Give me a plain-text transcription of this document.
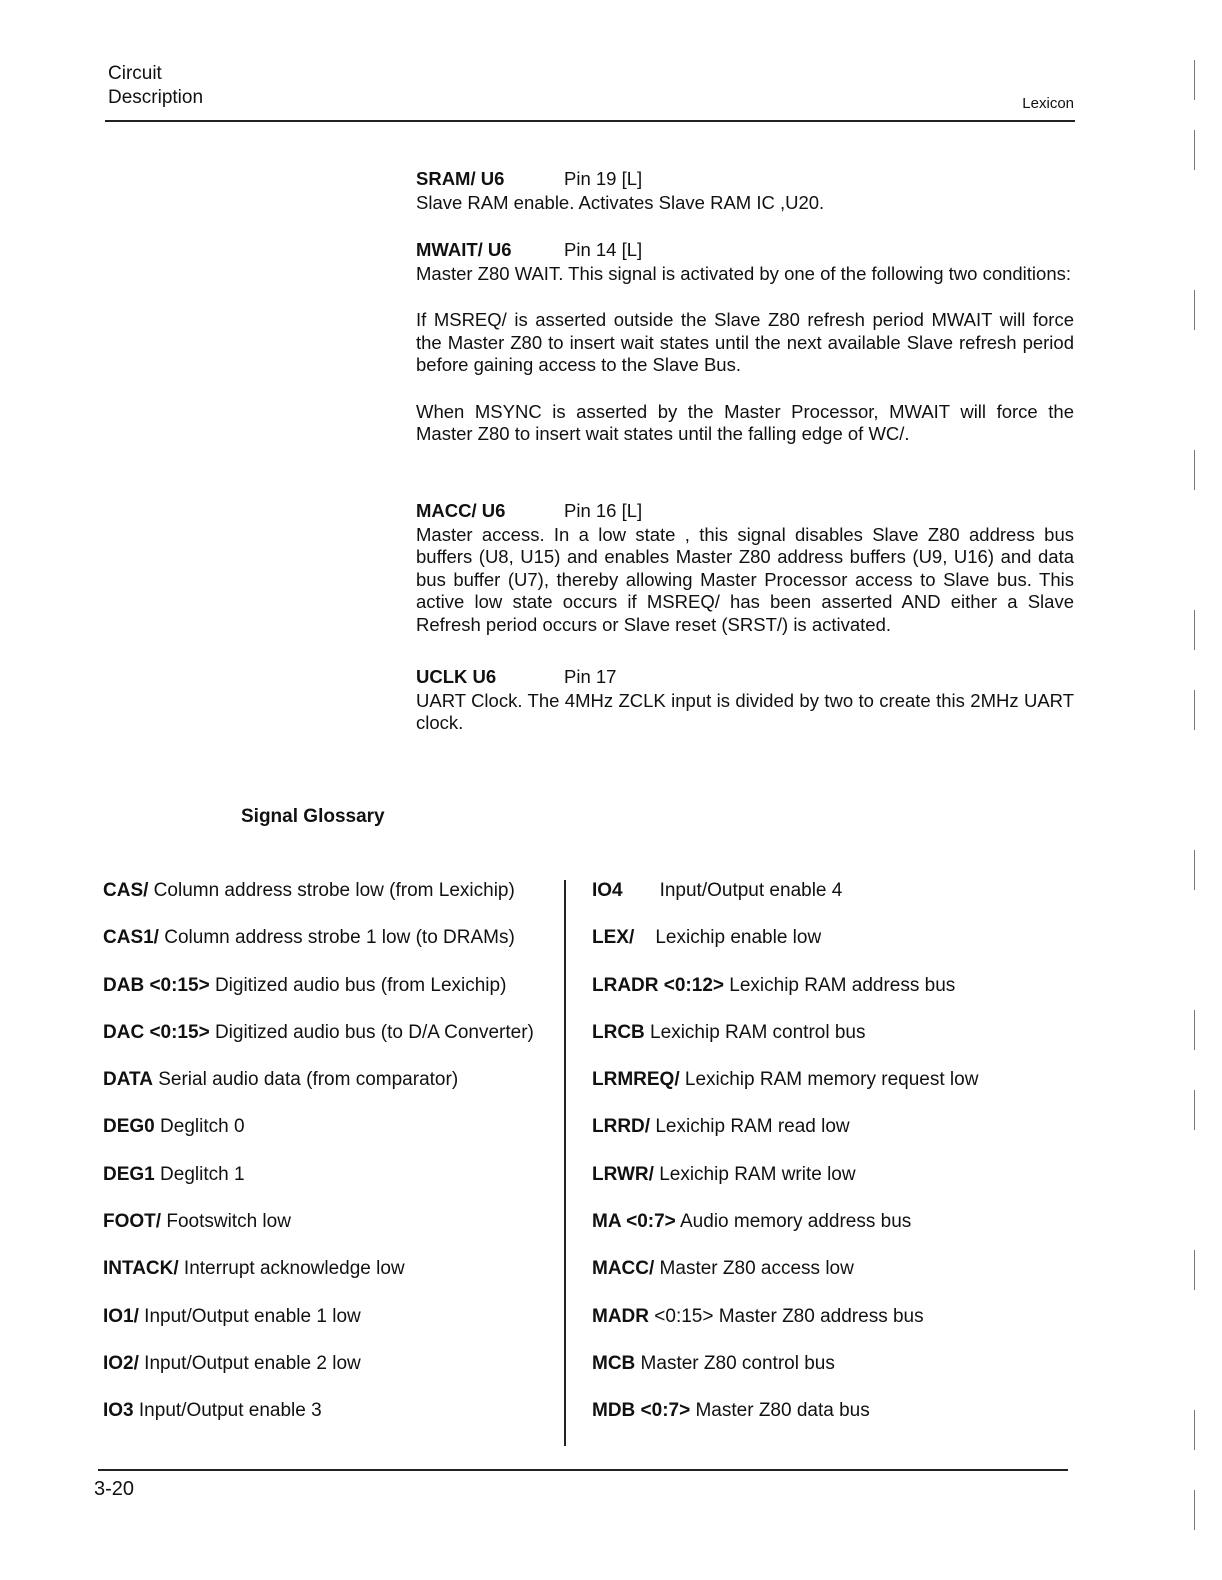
Circuit
Description	Lexicon
SRAM/ U6	Pin 19 [L]

Slave RAM enable. Activates Slave RAM IC ,U20.

MWAIT/ U6	Pin 14 [L]

Master Z80 WAIT. This signal is activated by one of the following two conditions:

If MSREQ/ is asserted outside the Slave Z80 refresh period MWAIT will force the Master Z80 to insert wait states until the next available Slave refresh period before gaining access to the Slave Bus.

When MSYNC is asserted by the Master Processor, MWAIT will force the Master Z80 to insert wait states until the falling edge of WC/.

MACC/ U6	Pin 16 [L]

Master access. In a low state , this signal disables Slave Z80 address bus buffers (U8, U15) and enables Master Z80 address buffers (U9, U16) and data bus buffer (U7), thereby allowing Master Processor access to Slave bus. This active low state occurs if MSREQ/ has been asserted AND either a Slave Refresh period occurs or Slave reset (SRST/) is activated.

UCLK U6	Pin 17

UART Clock. The 4MHz ZCLK input is divided by two to create this 2MHz UART clock.

Signal Glossary
CAS/ Column address strobe low (from Lexichip)
CAS1/ Column address strobe 1 low (to DRAMs)
DAB <0:15> Digitized audio bus (from Lexichip)
DAC <0:15> Digitized audio bus (to D/A Converter)
DATA Serial audio data (from comparator)
DEG0 Deglitch 0
DEG1 Deglitch 1
FOOT/ Footswitch low
INTACK/ Interrupt acknowledge low
IO1/ Input/Output enable 1 low
IO2/ Input/Output enable 2 low
IO3 Input/Output enable 3
IO4       Input/Output enable 4
LEX/    Lexichip enable low
LRADR <0:12> Lexichip RAM address bus
LRCB Lexichip RAM control bus
LRMREQ/ Lexichip RAM memory request low
LRRD/ Lexichip RAM read low
LRWR/ Lexichip RAM write low
MA <0:7> Audio memory address bus
MACC/ Master Z80 access low
MADR <0:15> Master Z80 address bus
MCB Master Z80 control bus
MDB <0:7> Master Z80 data bus
3-20
